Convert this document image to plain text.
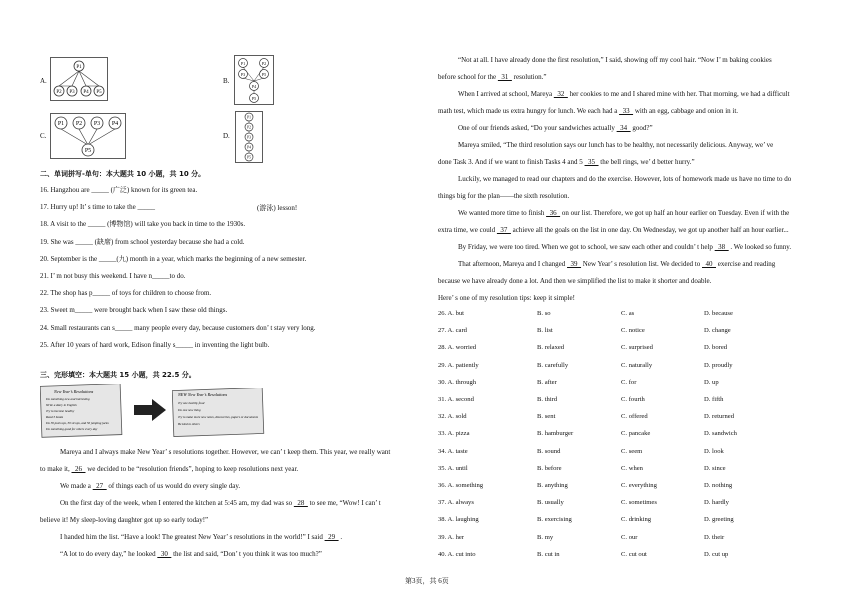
A.
P1
P2 P3 P4 P5
B.
P1	P2
P3	P5
P4
P5
C.
P1 P2 P3 P4
P5
D.
P1
P2
P3
P4
P5
二、单词拼写-单句：本大题共 10 小题，共 10 分。
16. Hangzhou are _____ (广泛) known for its green tea.
17. Hurry up! It’ s time to take the _____
18. A visit to the _____ (博物馆) will take you back in time to the 1930s.
19. She was _____ (缺席) from school yesterday because she had a cold.
20. September is the _____(九) month in a year, which marks the beginning of a new semester.
21. I’ m not busy this weekend. I have n_____to do.
22. The shop has p_____ of toys for children to choose from.
23. Sweet m_____ were brought back when I saw these old things.
24. Small restaurants can s_____ many people every day, because customers don’ t stay very long.
25. After 10 years of hard work, Edison finally s_____ in inventing the light bulb.
(游泳) lesson!
三、完形填空：本大题共 15 小题，共 22.5 分。
New Year’s Resolutions
Do something new and interesting
Write a diary in English
Try to become healthy
Read 3 books
Do 30 push ups, 30 sit ups, and 50 jumping jacks
Do something good for others every day
NEW New Year’s Resolutions
Try one healthy food
Do one new thing
Try to make more new notes, discoveries, papers or documents
Be kind to others
Mareya and I always make New Year’ s resolutions together. However, we can’ t keep them. This year, we really want
to make it,   26   we decided to be “resolution friends”, hoping to keep resolutions next year.
We made a   27   of things each of us would do every single day.
On the first day of the week, when I entered the kitchen at 5:45 am, my dad was so   28   to see me, “Wow! I can’ t
believe it! My sleep-loving daughter got up so early today!”
I handed him the list. “Have a look! The greatest New Year’ s resolutions in the world!” I said   29   .
“A lot to do every day,” he looked   30   the list and said, “Don’ t you think it was too much?”
“Not at all. I have already done the first resolution,” I said, showing off my cool hair. “Now I’ m baking cookies
before school for the   31   resolution.”
When I arrived at school, Mareya   32   her cookies to me and I shared mine with her. That morning, we had a difficult
math test, which made us extra hungry for lunch. We each had a   33   with an egg, cabbage and onion in it.
One of our friends asked, “Do your sandwiches actually   34   good?”
Mareya smiled, “The third resolution says our lunch has to be healthy, not necessarily delicious. Anyway, we’ ve
done Task 3. And if we want to finish Tasks 4 and 5   35   the bell rings, we’ d better hurry.”
Luckily, we managed to read our chapters and do the exercise. However, lots of homework made us have no time to do
things big for the plan——the sixth resolution.
We wanted more time to finish   36   on our list. Therefore, we got up half an hour earlier on Tuesday. Even if with the
extra time, we could   37   achieve all the goals on the list in one day. On Wednesday, we got up another half an hour earlier...
By Friday, we were too tired. When we got to school, we saw each other and couldn’ t help   38   . We looked so funny.
That afternoon, Mareya and I changed   39   New Year’ s resolution list. We decided to   40   exercise and reading
because we have already done a lot. And then we simplified the list to make it shorter and doable.
Here’ s one of my resolution tips: keep it simple!
26. A. but	B. so	C. as	D. because
27. A. card	B. list	C. notice	D. change
28. A. worried	B. relaxed	C. surprised	D. bored
29. A. patiently	B. carefully	C. naturally	D. proudly
30. A. through	B. after	C. for	D. up
31. A. second	B. third	C. fourth	D. fifth
32. A. sold	B. sent	C. offered	D. returned
33. A. pizza	B. hamburger	C. pancake	D. sandwich
34. A. taste	B. sound	C. seem	D. look
35. A. until	B. before	C. when	D. since
36. A. something	B. anything	C. everything	D. nothing
37. A. always	B. usually	C. sometimes	D. hardly
38. A. laughing	B. exercising	C. drinking	D. greeting
39. A. her	B. my	C. our	D. their
40. A. cut into	B. cut in	C. cut out	D. cut up
第3页，共 6页
